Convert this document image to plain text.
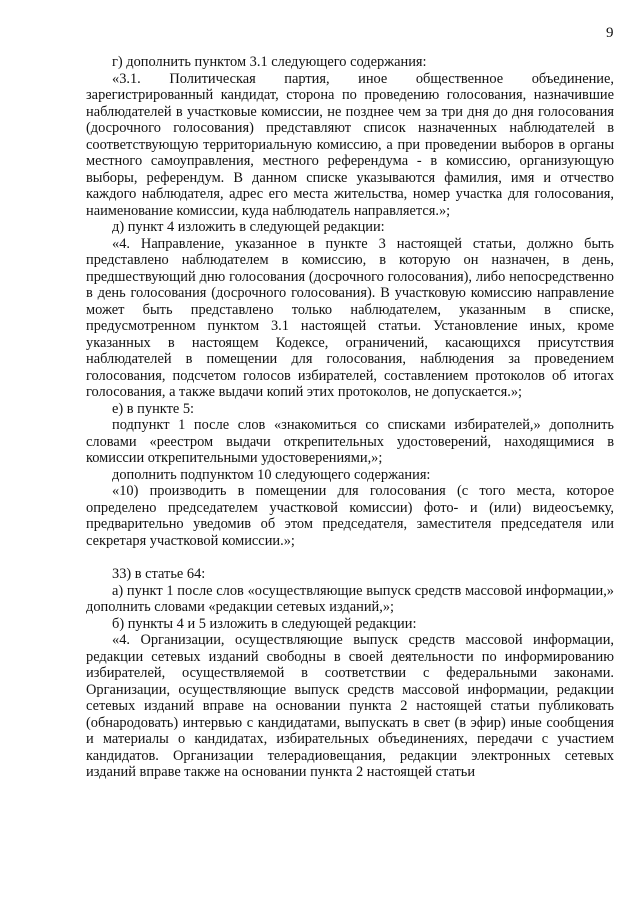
9

г) дополнить пунктом 3.1 следующего содержания:

«3.1. Политическая партия, иное общественное объединение, зарегистрированный кандидат, сторона по проведению голосования, назначившие наблюдателей в участковые комиссии, не позднее чем за три дня до дня голосования (досрочного голосования) представляют список назначенных наблюдателей в соответствующую территориальную комиссию, а при проведении выборов в органы местного самоуправления, местного референдума - в комиссию, организующую выборы, референдум. В данном списке указываются фамилия, имя и отчество каждого наблюдателя, адрес его места жительства, номер участка для голосования, наименование комиссии, куда наблюдатель направляется.»;

д) пункт 4 изложить в следующей редакции:

«4. Направление, указанное в пункте 3 настоящей статьи, должно быть представлено наблюдателем в комиссию, в которую он назначен, в день, предшествующий дню голосования (досрочного голосования), либо непосредственно в день голосования (досрочного голосования). В участковую комиссию направление может быть представлено только наблюдателем, указанным в списке, предусмотренном пунктом 3.1 настоящей статьи. Установление иных, кроме указанных в настоящем Кодексе, ограничений, касающихся присутствия наблюдателей в помещении для голосования, наблюдения за проведением голосования, подсчетом голосов избирателей, составлением протоколов об итогах голосования, а также выдачи копий этих протоколов, не допускается.»;

е) в пункте 5:

подпункт 1 после слов «знакомиться со списками избирателей,» дополнить словами «реестром выдачи открепительных удостоверений, находящимися в комиссии открепительными удостоверениями,»;

дополнить подпунктом 10 следующего содержания:

«10) производить в помещении для голосования (с того места, которое определено председателем участковой комиссии) фото- и (или) видеосъемку, предварительно уведомив об этом председателя, заместителя председателя или секретаря участковой комиссии.»;

33) в статье 64:

а) пункт 1 после слов «осуществляющие выпуск средств массовой информации,» дополнить словами «редакции сетевых изданий,»;

б) пункты 4 и 5 изложить в следующей редакции:

«4. Организации, осуществляющие выпуск средств массовой информации, редакции сетевых изданий свободны в своей деятельности по информированию избирателей, осуществляемой в соответствии с федеральными законами. Организации, осуществляющие выпуск средств массовой информации, редакции сетевых изданий вправе на основании пункта 2 настоящей статьи публиковать (обнародовать) интервью с кандидатами, выпускать в свет (в эфир) иные сообщения и материалы о кандидатах, избирательных объединениях, передачи с участием кандидатов. Организации телерадиовещания, редакции электронных сетевых изданий вправе также на основании пункта 2 настоящей статьи
